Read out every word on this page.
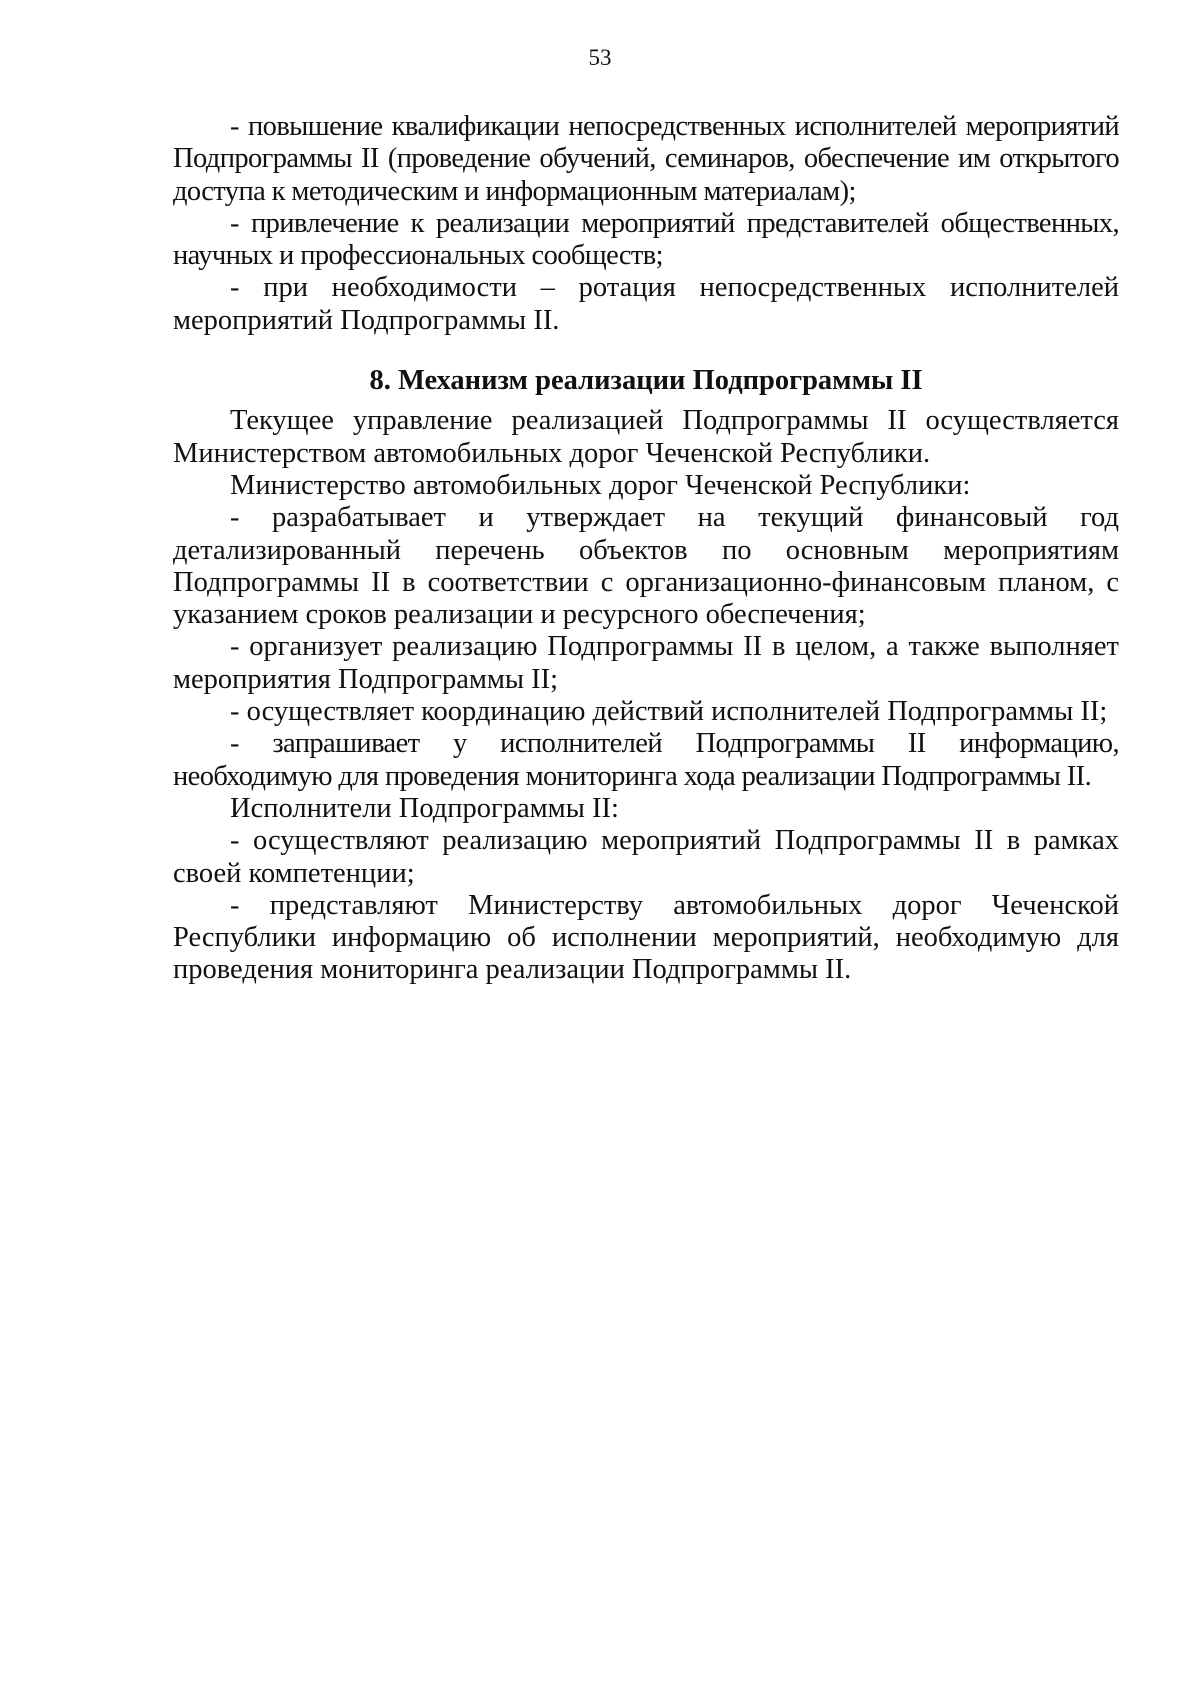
53

- повышение квалификации непосредственных исполнителей мероприятий Подпрограммы II (проведение обучений, семинаров, обеспечение им открытого доступа к методическим и информационным материалам);

- привлечение к реализации мероприятий представителей общественных, научных и профессиональных сообществ;

- при необходимости – ротация непосредственных исполнителей мероприятий Подпрограммы II.

8. Механизм реализации Подпрограммы II

Текущее управление реализацией Подпрограммы II осуществляется Министерством автомобильных дорог Чеченской Республики.

Министерство автомобильных дорог Чеченской Республики:

- разрабатывает и утверждает на текущий финансовый год детализированный перечень объектов по основным мероприятиям Подпрограммы II в соответствии с организационно-финансовым планом, с указанием сроков реализации и ресурсного обеспечения;

- организует реализацию Подпрограммы II в целом, а также выполняет мероприятия Подпрограммы II;

- осуществляет координацию действий исполнителей Подпрограммы II;

- запрашивает у исполнителей Подпрограммы II информацию, необходимую для проведения мониторинга хода реализации Подпрограммы II.

Исполнители Подпрограммы II:

- осуществляют реализацию мероприятий Подпрограммы II в рамках своей компетенции;

- представляют Министерству автомобильных дорог Чеченской Республики информацию об исполнении мероприятий, необходимую для проведения мониторинга реализации Подпрограммы II.
